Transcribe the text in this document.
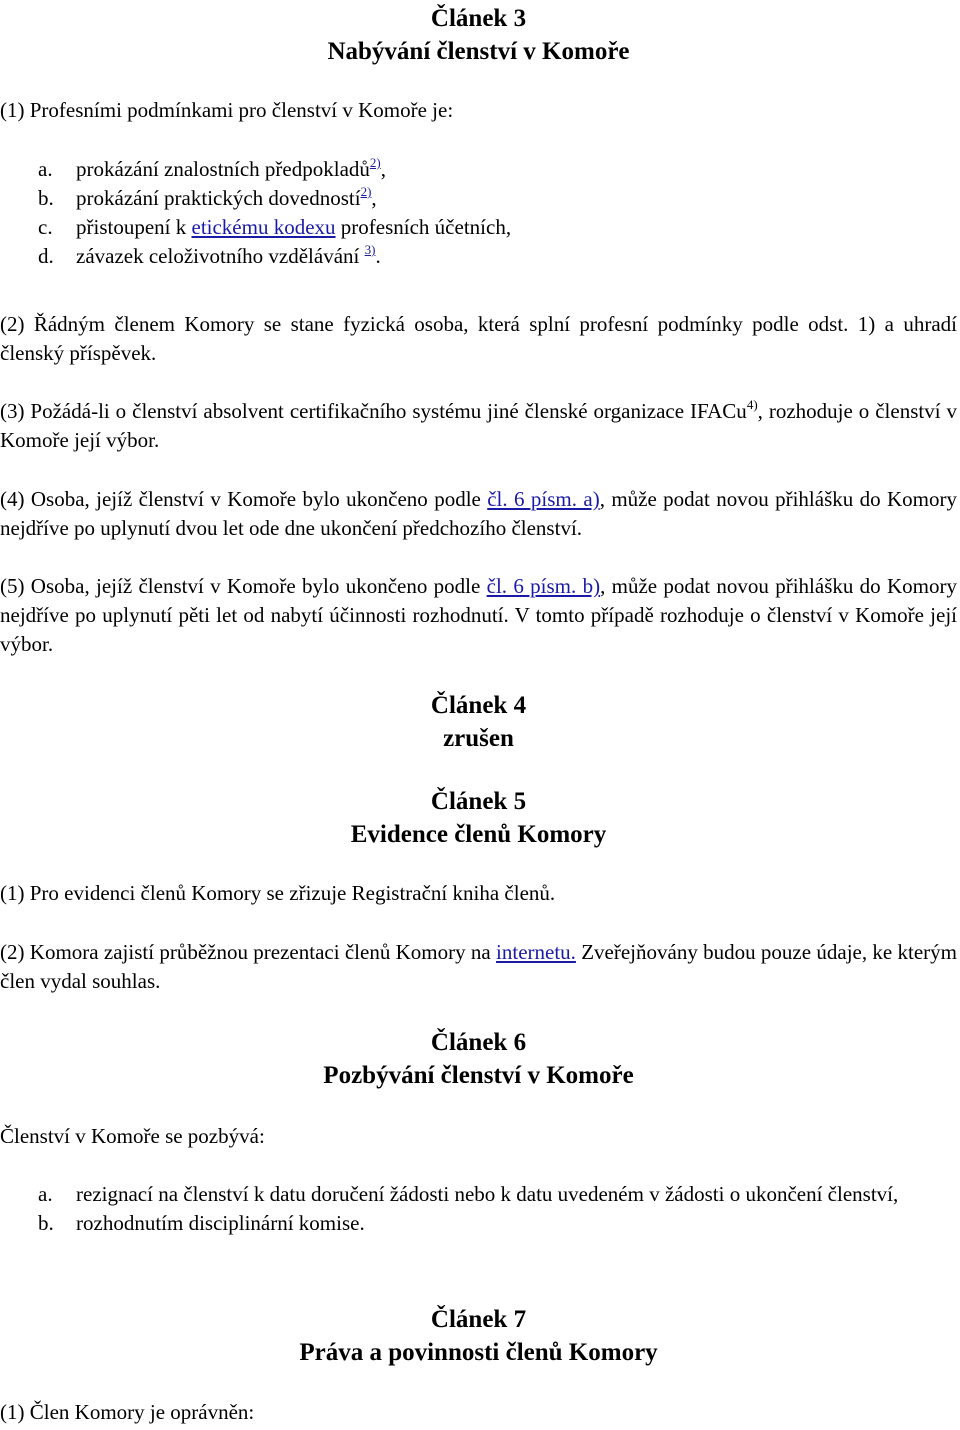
Článek 3
Nabývání členství v Komoře
(1) Profesními podmínkami pro členství v Komoře je:
a.	prokázání znalostních předpokladů$^{2)}$,
b.	prokázání praktických dovedností$^{2)}$,
c.	přistoupení k etickému kodexu profesních účetních,
d.	závazek celoživotního vzdělávání $^{3)}$.
(2) Řádným členem Komory se stane fyzická osoba, která splní profesní podmínky podle odst. 1) a uhradí členský příspěvek.
(3) Požádá-li o členství absolvent certifikačního systému jiné členské organizace IFACu$^{4)}$, rozhoduje o členství v Komoře její výbor.
(4) Osoba, jejíž členství v Komoře bylo ukončeno podle čl. 6 písm. a), může podat novou přihlášku do Komory nejdříve po uplynutí dvou let ode dne ukončení předchozího členství.
(5) Osoba, jejíž členství v Komoře bylo ukončeno podle čl. 6 písm. b), může podat novou přihlášku do Komory nejdříve po uplynutí pěti let od nabytí účinnosti rozhodnutí. V tomto případě rozhoduje o členství v Komoře její výbor.
Článek 4
zrušen
Článek 5
Evidence členů Komory
(1) Pro evidenci členů Komory se zřizuje Registrační kniha členů.
(2) Komora zajistí průběžnou prezentaci členů Komory na internetu. Zveřejňovány budou pouze údaje, ke kterým člen vydal souhlas.
Článek 6
Pozbývání členství v Komoře
Členství v Komoře se pozbývá:
a.	rezignací na členství k datu doručení žádosti nebo k datu uvedeném v žádosti o ukončení členství,
b.	rozhodnutím disciplinární komise.
Článek 7
Práva a povinnosti členů Komory
(1) Člen Komory je oprávněn:
